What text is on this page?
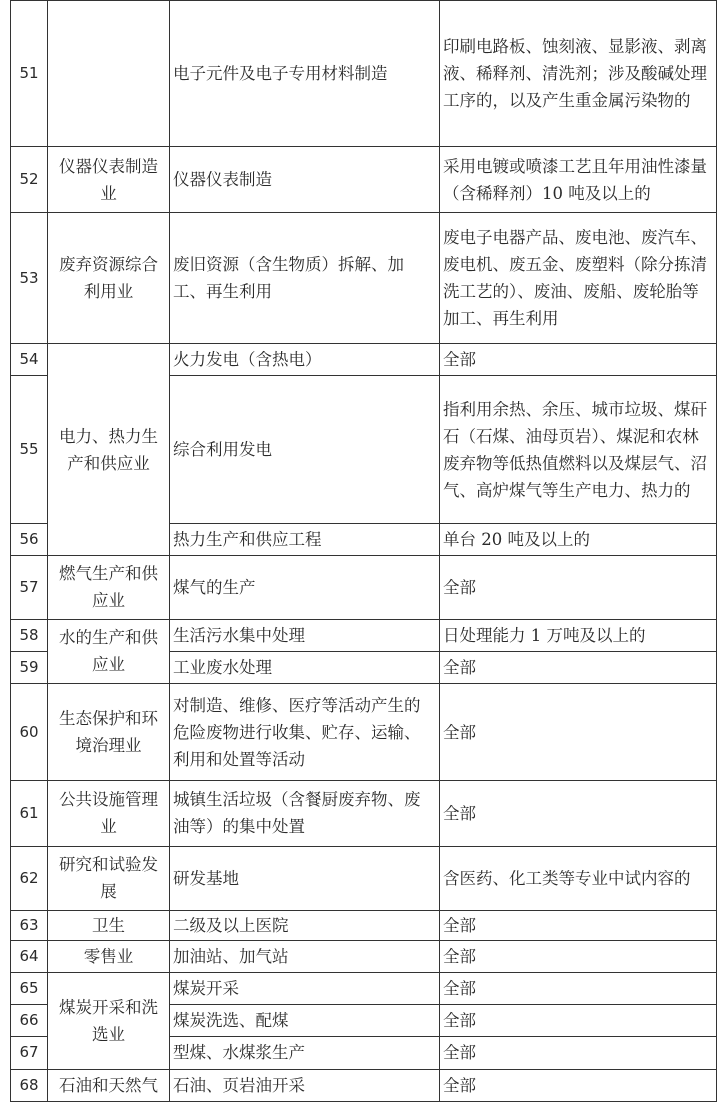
51		电子元件及电子专用材料制造	印刷电路板、蚀刻液、显影液、剥离液、稀释剂、清洗剂；涉及酸碱处理工序的，以及产生重金属污染物的
52	仪器仪表制造业	仪器仪表制造	采用电镀或喷漆工艺且年用油性漆量（含稀释剂）10 吨及以上的
53	废弃资源综合利用业	废旧资源（含生物质）拆解、加工、再生利用	废电子电器产品、废电池、废汽车、废电机、废五金、废塑料（除分拣清洗工艺的）、废油、废船、废轮胎等加工、再生利用
54	电力、热力生产和供应业	火力发电（含热电）	全部
55		综合利用发电	指利用余热、余压、城市垃圾、煤矸石（石煤、油母页岩）、煤泥和农林废弃物等低热值燃料以及煤层气、沼气、高炉煤气等生产电力、热力的
56		热力生产和供应工程	单台 20 吨及以上的
57	燃气生产和供应业	煤气的生产	全部
58	水的生产和供应业	生活污水集中处理	日处理能力 1 万吨及以上的
59		工业废水处理	全部
60	生态保护和环境治理业	对制造、维修、医疗等活动产生的危险废物进行收集、贮存、运输、利用和处置等活动	全部
61	公共设施管理业	城镇生活垃圾（含餐厨废弃物、废油等）的集中处置	全部
62	研究和试验发展	研发基地	含医药、化工类等专业中试内容的
63	卫生	二级及以上医院	全部
64	零售业	加油站、加气站	全部
65	煤炭开采和洗选业	煤炭开采	全部
66		煤炭洗选、配煤	全部
67		型煤、水煤浆生产	全部
68	石油和天然气	石油、页岩油开采	全部
